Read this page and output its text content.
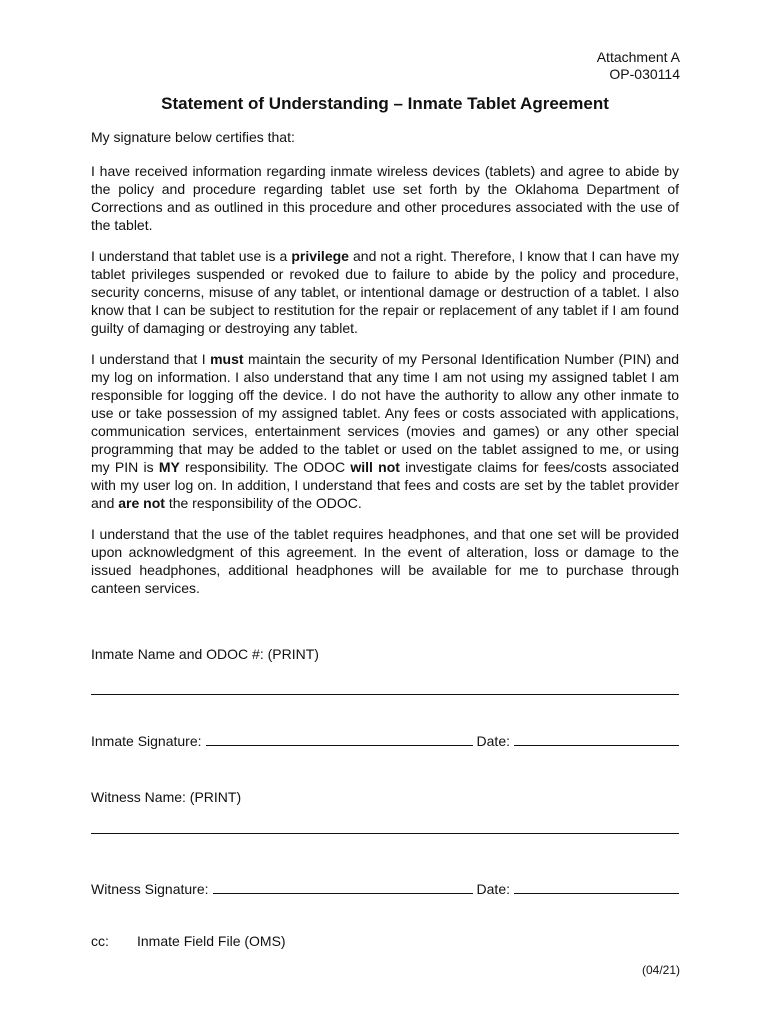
Attachment A
OP-030114
Statement of Understanding – Inmate Tablet Agreement
My signature below certifies that:

I have received information regarding inmate wireless devices (tablets) and agree to abide by the policy and procedure regarding tablet use set forth by the Oklahoma Department of Corrections and as outlined in this procedure and other procedures associated with the use of the tablet.

I understand that tablet use is a privilege and not a right. Therefore, I know that I can have my tablet privileges suspended or revoked due to failure to abide by the policy and procedure, security concerns, misuse of any tablet, or intentional damage or destruction of a tablet. I also know that I can be subject to restitution for the repair or replacement of any tablet if I am found guilty of damaging or destroying any tablet.

I understand that I must maintain the security of my Personal Identification Number (PIN) and my log on information. I also understand that any time I am not using my assigned tablet I am responsible for logging off the device. I do not have the authority to allow any other inmate to use or take possession of my assigned tablet. Any fees or costs associated with applications, communication services, entertainment services (movies and games) or any other special programming that may be added to the tablet or used on the tablet assigned to me, or using my PIN is MY responsibility. The ODOC will not investigate claims for fees/costs associated with my user log on. In addition, I understand that fees and costs are set by the tablet provider and are not the responsibility of the ODOC.

I understand that the use of the tablet requires headphones, and that one set will be provided upon acknowledgment of this agreement. In the event of alteration, loss or damage to the issued headphones, additional headphones will be available for me to purchase through canteen services.

Inmate Name and ODOC #: (PRINT)
Inmate Signature:	Date:
Witness Name: (PRINT)
Witness Signature:	Date:
cc: Inmate Field File (OMS)
(04/21)
